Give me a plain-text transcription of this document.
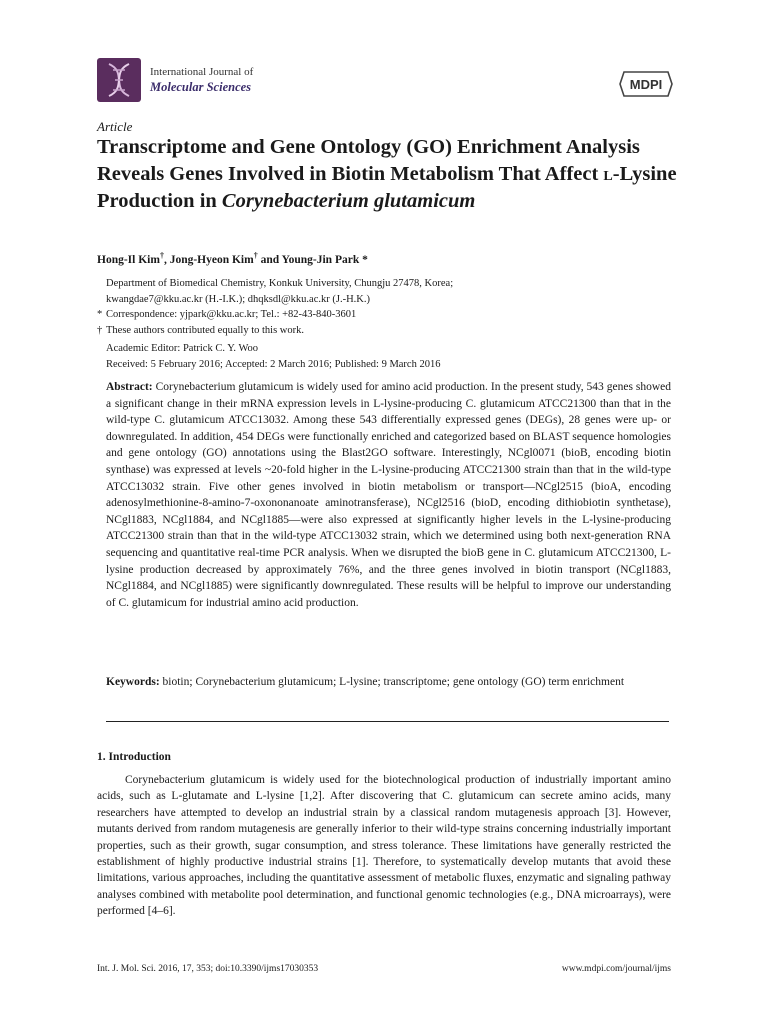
International Journal of
Molecular Sciences	MDPI
Article
Transcriptome and Gene Ontology (GO) Enrichment Analysis Reveals Genes Involved in Biotin Metabolism That Affect l-Lysine Production in Corynebacterium glutamicum
Hong-Il Kim†, Jong-Hyeon Kim† and Young-Jin Park *
Department of Biomedical Chemistry, Konkuk University, Chungju 27478, Korea;
kwangdae7@kku.ac.kr (H.-I.K.); dhqksdl@kku.ac.kr (J.-H.K.)
* Correspondence: yjpark@kku.ac.kr; Tel.: +82-43-840-3601
† These authors contributed equally to this work.
Academic Editor: Patrick C. Y. Woo
Received: 5 February 2016; Accepted: 2 March 2016; Published: 9 March 2016
Abstract: Corynebacterium glutamicum is widely used for amino acid production. In the present study, 543 genes showed a significant change in their mRNA expression levels in L-lysine-producing C. glutamicum ATCC21300 than that in the wild-type C. glutamicum ATCC13032. Among these 543 differentially expressed genes (DEGs), 28 genes were up- or downregulated. In addition, 454 DEGs were functionally enriched and categorized based on BLAST sequence homologies and gene ontology (GO) annotations using the Blast2GO software. Interestingly, NCgl0071 (bioB, encoding biotin synthase) was expressed at levels ~20-fold higher in the L-lysine-producing ATCC21300 strain than that in the wild-type ATCC13032 strain. Five other genes involved in biotin metabolism or transport—NCgl2515 (bioA, encoding adenosylmethionine-8-amino-7-oxononanoate aminotransferase), NCgl2516 (bioD, encoding dithiobiotin synthetase), NCgl1883, NCgl1884, and NCgl1885—were also expressed at significantly higher levels in the L-lysine-producing ATCC21300 strain than that in the wild-type ATCC13032 strain, which we determined using both next-generation RNA sequencing and quantitative real-time PCR analysis. When we disrupted the bioB gene in C. glutamicum ATCC21300, L-lysine production decreased by approximately 76%, and the three genes involved in biotin transport (NCgl1883, NCgl1884, and NCgl1885) were significantly downregulated. These results will be helpful to improve our understanding of C. glutamicum for industrial amino acid production.
Keywords: biotin; Corynebacterium glutamicum; L-lysine; transcriptome; gene ontology (GO) term enrichment
1. Introduction
Corynebacterium glutamicum is widely used for the biotechnological production of industrially important amino acids, such as L-glutamate and L-lysine [1,2]. After discovering that C. glutamicum can secrete amino acids, many researchers have attempted to develop an industrial strain by a classical random mutagenesis approach [3]. However, mutants derived from random mutagenesis are generally inferior to their wild-type strains concerning industrially important properties, such as their growth, sugar consumption, and stress tolerance. These limitations have generally restricted the establishment of highly productive industrial strains [1]. Therefore, to systematically develop mutants that avoid these limitations, various approaches, including the quantitative assessment of metabolic fluxes, enzymatic and signaling pathway analyses combined with metabolite pool determination, and functional genomic technologies (e.g., DNA microarrays), were performed [4–6].
Int. J. Mol. Sci. 2016, 17, 353; doi:10.3390/ijms17030353	www.mdpi.com/journal/ijms
